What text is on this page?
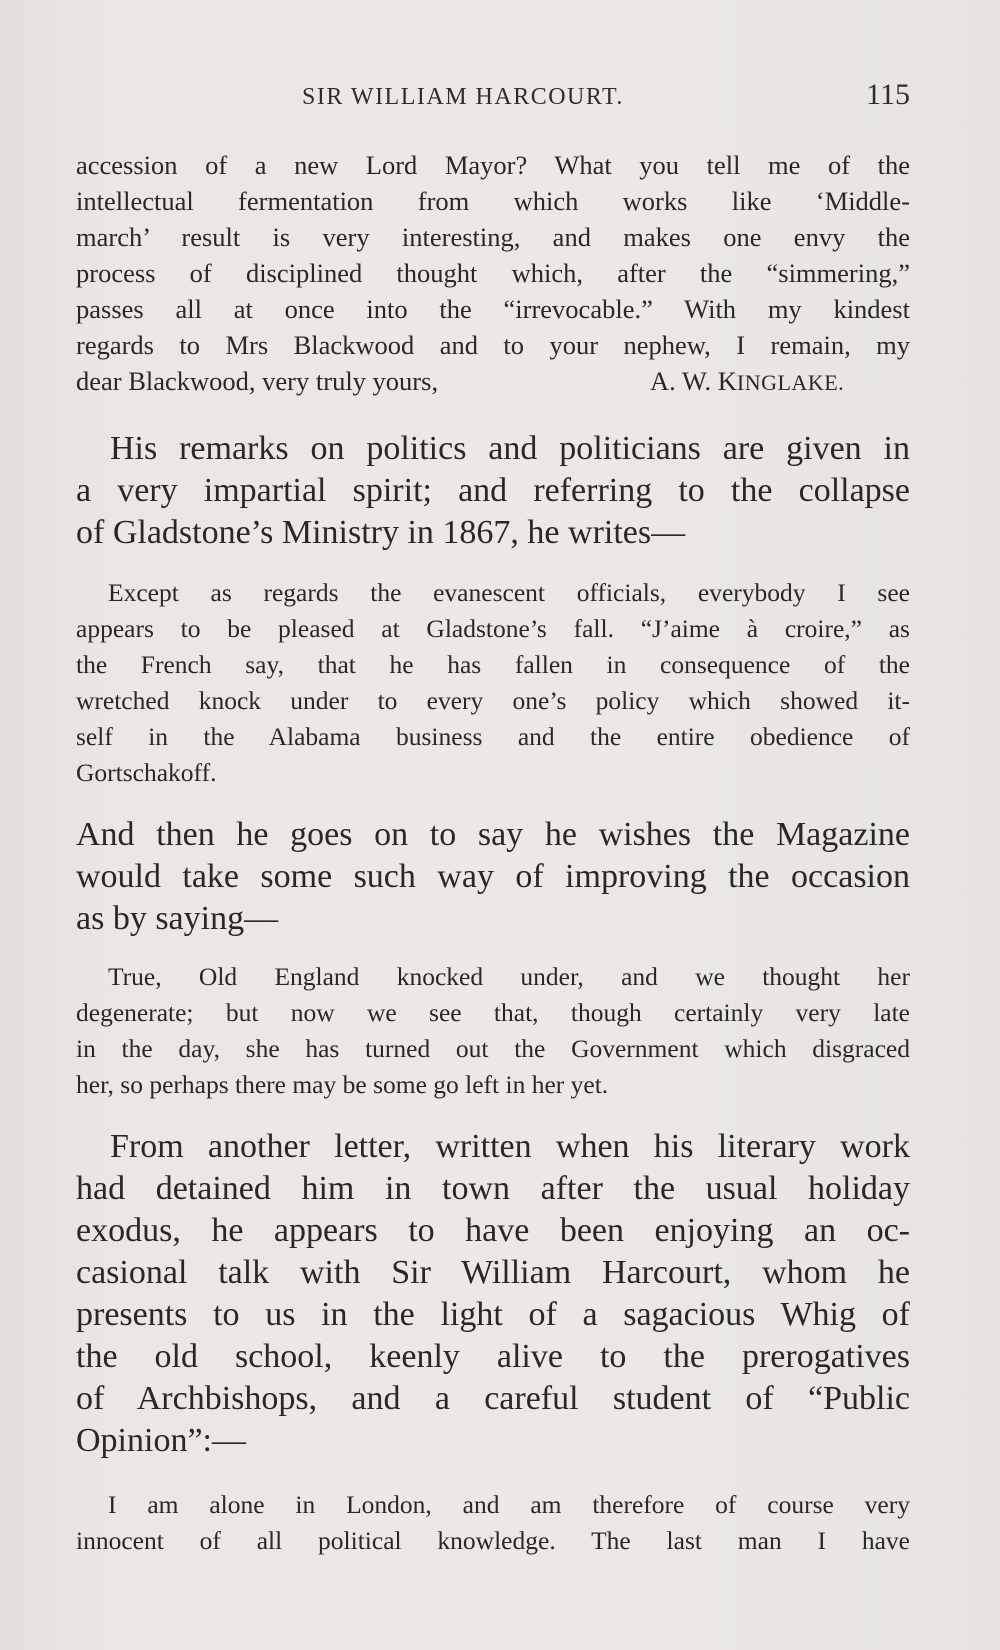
SIR WILLIAM HARCOURT.	115
accession of a new Lord Mayor? What you tell me of the
intellectual fermentation from which works like ‘Middle-
march’ result is very interesting, and makes one envy the
process of disciplined thought which, after the “simmering,”
passes all at once into the “irrevocable.” With my kindest
regards to Mrs Blackwood and to your nephew, I remain, my
dear Blackwood, very truly yours,	A. W. KINGLAKE.
His remarks on politics and politicians are given in
a very impartial spirit; and referring to the collapse
of Gladstone’s Ministry in 1867, he writes—
Except as regards the evanescent officials, everybody I see
appears to be pleased at Gladstone’s fall. “J’aime à croire,” as
the French say, that he has fallen in consequence of the
wretched knock under to every one’s policy which showed it-
self in the Alabama business and the entire obedience of
Gortschakoff.
And then he goes on to say he wishes the Magazine
would take some such way of improving the occasion
as by saying—
True, Old England knocked under, and we thought her
degenerate; but now we see that, though certainly very late
in the day, she has turned out the Government which disgraced
her, so perhaps there may be some go left in her yet.
From another letter, written when his literary work
had detained him in town after the usual holiday
exodus, he appears to have been enjoying an oc-
casional talk with Sir William Harcourt, whom he
presents to us in the light of a sagacious Whig of
the old school, keenly alive to the prerogatives
of Archbishops, and a careful student of “Public
Opinion”:—
I am alone in London, and am therefore of course very
innocent of all political knowledge. The last man I have
